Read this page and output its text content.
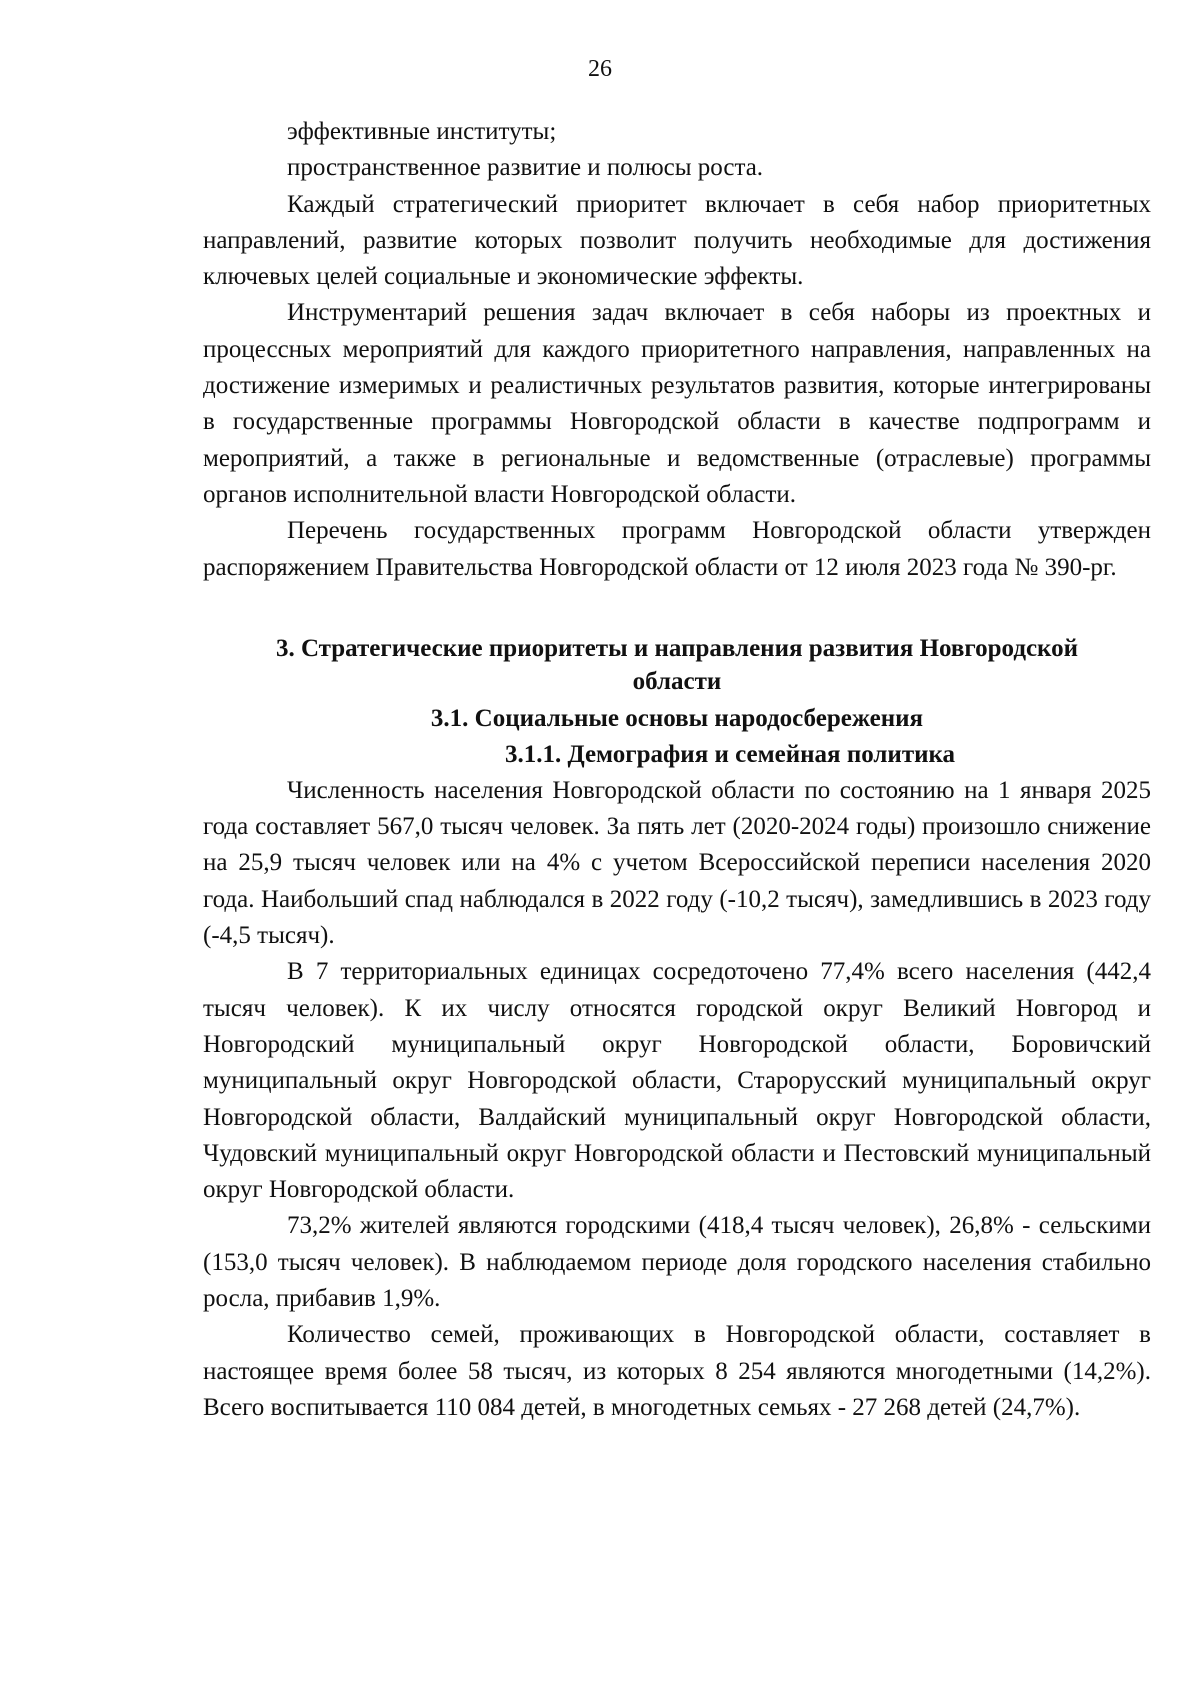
26

эффективные институты;

пространственное развитие и полюсы роста.

Каждый стратегический приоритет включает в себя набор приоритетных направлений, развитие которых позволит получить необходимые для достижения ключевых целей социальные и экономические эффекты.

Инструментарий решения задач включает в себя наборы из проектных и процессных мероприятий для каждого приоритетного направления, направленных на достижение измеримых и реалистичных результатов развития, которые интегрированы в государственные программы Новгородской области в качестве подпрограмм и мероприятий, а также в региональные и ведомственные (отраслевые) программы органов исполнительной власти Новгородской области.

Перечень государственных программ Новгородской области утвержден распоряжением Правительства Новгородской области от 12 июля 2023 года № 390-рг.

3. Стратегические приоритеты и направления развития Новгородской области
3.1. Социальные основы народосбережения
3.1.1. Демография и семейная политика

Численность населения Новгородской области по состоянию на 1 января 2025 года составляет 567,0 тысяч человек. За пять лет (2020-2024 годы) произошло снижение на 25,9 тысяч человек или на 4% с учетом Всероссийской переписи населения 2020 года. Наибольший спад наблюдался в 2022 году (-10,2 тысяч), замедлившись в 2023 году (-4,5 тысяч).

В 7 территориальных единицах сосредоточено 77,4% всего населения (442,4 тысяч человек). К их числу относятся городской округ Великий Новгород и Новгородский муниципальный округ Новгородской области, Боровичский муниципальный округ Новгородской области, Старорусский муниципальный округ Новгородской области, Валдайский муниципальный округ Новгородской области, Чудовский муниципальный округ Новгородской области и Пестовский муниципальный округ Новгородской области.

73,2% жителей являются городскими (418,4 тысяч человек), 26,8% - сельскими (153,0 тысяч человек). В наблюдаемом периоде доля городского населения стабильно росла, прибавив 1,9%.

Количество семей, проживающих в Новгородской области, составляет в настоящее время более 58 тысяч, из которых 8 254 являются многодетными (14,2%). Всего воспитывается 110 084 детей, в многодетных семьях - 27 268 детей (24,7%).
